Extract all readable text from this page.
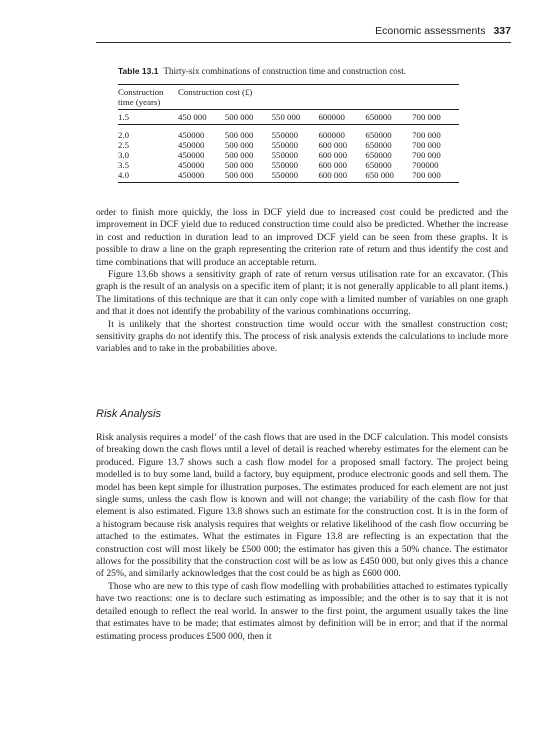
Economic assessments 337
Table 13.1 Thirty-six combinations of construction time and construction cost.
Construction	Construction cost (£)					
time (years)						
1.5	450 000	500 000	550 000	600000	650000	700 000
2.0	450000	500 000	550000	600000	650000	700 000
2.5	450000	500 000	550000	600 000	650000	700 000
3.0	450000	500 000	550000	600 000	650000	700 000
3.5	450000	500 000	550000	600 000	650000	700000
4.0	450000	500 000	550000	600 000	650 000	700 000

order to finish more quickly, the loss in DCF yield due to increased cost could be predicted and the improvement in DCF yield due to reduced construction time could also be predicted. Whether the increase in cost and reduction in duration lead to an improved DCF yield can be seen from these graphs. It is possible to draw a line on the graph representing the criterion rate of return and thus identify the cost and time combinations that will produce an acceptable return.

Figure 13.6b shows a sensitivity graph of rate of return versus utilisation rate for an excavator. (This graph is the result of an analysis on a specific item of plant; it is not generally applicable to all plant items.) The limitations of this technique are that it can only cope with a limited number of variables on one graph and that it does not identify the probability of the various combinations occurring.

It is unlikely that the shortest construction time would occur with the smallest construction cost; sensitivity graphs do not identify this. The process of risk analysis extends the calculations to include more variables and to take in the probabilities above.

Risk Analysis

Risk analysis requires a model’ of the cash flows that are used in the DCF calculation. This model consists of breaking down the cash flows until a level of detail is reached whereby estimates for the element can be produced. Figure 13.7 shows such a cash flow model for a proposed small factory. The project being modelled is to buy some land, build a factory, buy equipment, produce electronic goods and sell them. The model has been kept simple for illustration purposes. The estimates produced for each element are not just single sums, unless the cash flow is known and will not change; the variability of the cash flow for that element is also estimated. Figure 13.8 shows such an estimate for the construction cost. It is in the form of a histogram because risk analysis requires that weights or relative likelihood of the cash flow occurring be attached to the estimates. What the estimates in Figure 13.8 are reflecting is an expectation that the construction cost will most likely be £500 000; the estimator has given this a 50% chance. The estimator allows for the possibility that the construction cost will be as low as £450 000, but only gives this a chance of 25%, and similarly acknowledges that the cost could be as high as £600 000.

Those who are new to this type of cash flow modelling with probabilities attached to estimates typically have two reactions: one is to declare such estimating as impossible; and the other is to say that it is not detailed enough to reflect the real world. In answer to the first point, the argument usually takes the line that estimates have to be made; that estimates almost by definition will be in error; and that if the normal estimating process produces £500 000, then it
